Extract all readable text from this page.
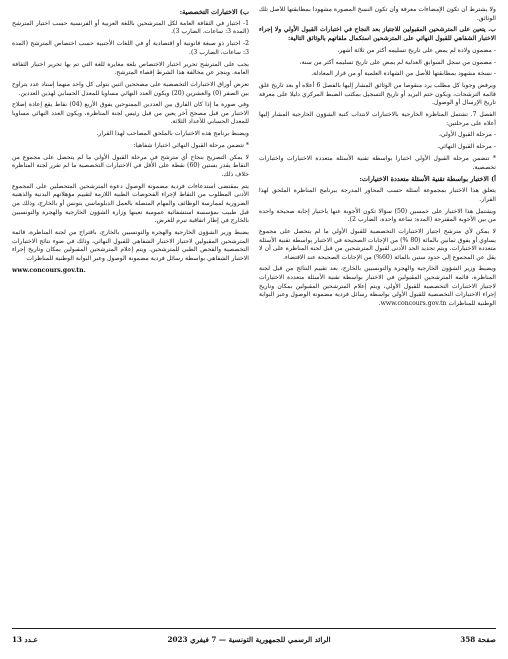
ولا يشترط أن تكون الإمضاءات معرفة وأن تكون النسخ المصورة مشهودا بمطابقتها للأصل تلك الوثائق.

ب. يتعين على المترشحين المقبولين للاجتياز بعد النجاح في اختبارات القبول الأولي ولا إجراء الاختبار الشفاهي للقبول النهائي على المترشحين استكمال ملفاتهم بالوثائق التالية:

- مضمون ولادة لم يمض على تاريخ تسليمه أكثر من ثلاثة أشهر،

- مضمون من سجل السوابق العدلية لم يمض على تاريخ تسليمه أكثر من سنة،

- نسخة مشهود بمطابقتها للأصل من الشهادة العلمية أو من قرار المعادلة.

ويرفض وجوبا كل مطلب يرد منقوصا من الوثائق المشار إليها بالفصل 6 أعلاه أو بعد تاريخ غلق قائمة الترشحات، ويكون ختم البريد أو تاريخ التسجيل بمكتب الضبط المركزي دليلا على معرفة تاريخ الإرسال أو الوصول.

الفصل 7. تشتمل المناظرة الخارجية بالاختبارات لانتداب كتبة الشؤون الخارجية المشار إليها أعلاه على مرحلتين:

- مرحلة القبول الأولي،

- مرحلة القبول النهائي.

* تتضمن مرحلة القبول الأولي اختبارا بواسطة تقنية الأسئلة متعددة الاختيارات واختبارات تخصصية.

أ) الاختبار بواسطة تقنية الأسئلة متعددة الاختيارات:

يتعلق هذا الاختبار بمجموعة أسئلة حسب المحاور المدرجة ببرنامج المناظرة الملحق لهذا القرار.

ويشتمل هذا الاختبار على خمسين (50) سؤالا تكون الأجوبة عنها باختيار إجابة صحيحة واحدة من بين الأجوبة المقترحة (المدة: ساعة واحدة، الضارب 2).

لا يمكن لأي مترشح اجتياز الاختبارات التخصصية للقبول الأولي ما لم يتحصل على مجموع يساوي أو يفوق ثمانين بالمائة (80 %) من الإجابات الصحيحة في الاختبار بواسطة تقنية الأسئلة متعددة الاختيارات. ويتم تحديد الحد الأدنى لقبول المترشحين من قبل لجنة المناظرة على أن لا يقل عن المجموع إلى حدود ستين بالمائة (60%) من الإجابات الصحيحة عند الاقتضاء.

ويضبط وزير الشؤون الخارجية والهجرة والتونسيين بالخارج، بعد تقييم النتائج من قبل لجنة المناظرة، قائمة المترشحين المقبولين في الاختبار بواسطة تقنية الأسئلة متعددة الاختيارات لاجتياز الاختبارات التخصصية للقبول الأولي، ويتم إعلام المترشحين المقبولين بمكان وتاريخ إجراء الاختبارات التخصصية للقبول الأولي بواسطة رسائل فردية مضمونة الوصول وعبر البوابة الوطنية للمناظرات www.concours.gov.tn.

ب) الاختبارات التخصصية:

1- اختبار في الثقافة العامة لكل المترشحين باللغة العربية أو الفرنسية حسب اختيار المترشح (المدة 3: ساعات، الضارب 3).

2- اختبار ذو صبغة قانونية أو اقتصادية أو في اللغات الأجنبية حسب اختصاص المترشح (المدة 3: ساعات، الضارب 3).

يجب على المترشح تحرير اختبار الاختصاص بلغة مغايرة للغة التي تم بها تحرير اختبار الثقافة العامة. وينجر عن مخالفة هذا الشرط إقصاء المترشح.

تعرض أوراق الاختبارات التخصصية على مصححين اثنين يتولى كل واحد منهما إسناد عدد يتراوح بين الصفر (0) والعشرين (20) ويكون العدد النهائي مساويا للمعدل الحسابي لهذين العددين.

وفي صورة ما إذا كان الفارق بين العددين الممنوحين يفوق الأربع (04) نقاط يقع إعادة إصلاح الاختبار من قبل مصحح آخر يعين من قبل رئيس لجنة المناظرة، ويكون العدد النهائي مساويا للمعدل الحسابي للأعداد الثلاثة.

ويضبط برنامج هذه الاختبارات بالملحق المصاحب لهذا القرار.

* تتضمن مرحلة القبول النهائي اختبارا شفاهيا:

لا يمكن التصريح بنجاح أي مترشح في مرحلة القبول الأولي ما لم يتحصل على مجموع من النقاط يقدر بستين (60) نقطة على الأقل في الاختبارات التخصصية ما لم تقرر لجنة المناظرة خلاف ذلك.

يتم بمقتضى استدعاءات فردية مضمونة الوصول دعوة المترشحين المتحصلين على المجموع الأدنى المطلوب من النقاط لإجراء الفحوصات الطبية اللازمة لتقييم مؤهلاتهم البدنية والذهنية الضرورية لممارسة الوظائف والمهام المتصلة بالعمل الدبلوماسي بتونس أو بالخارج، وذلك من قبل طبيب بمؤسسة استشفائية عمومية تعينها وزارة الشؤون الخارجية والهجرة والتونسيين بالخارج في إطار اتفاقية تبرم للغرض.

يضبط وزير الشؤون الخارجية والهجرة والتونسيين بالخارج، باقتراح من لجنة المناظرة، قائمة المترشحين المقبولين لاجتياز الاختبار الشفاهي للقبول النهائي، وذلك في ضوء نتائج الاختبارات التخصصية والفحص الطبي للمترشحين. ويتم إعلام المترشحين المقبولين بمكان وتاريخ إجراء الاختبار الشفاهي بواسطة رسائل فردية مضمونة الوصول وعبر البوابة الوطنية للمناظرات

www.concours.gov.tn.

صفحة 358
الرائد الرسمي للجمهورية التونسية — 7 فيفري 2023
عـدد 13
